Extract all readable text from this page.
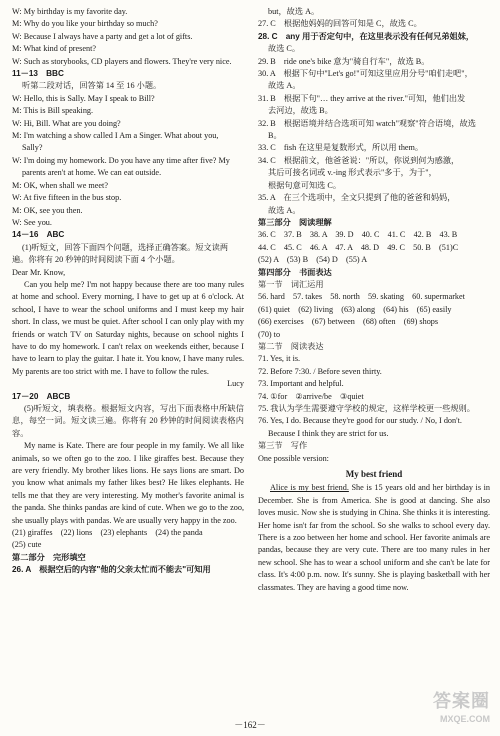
W: My birthday is my favorite day.
M: Why do you like your birthday so much?
W: Because I always have a party and get a lot of gifts.
M: What kind of present?
W: Such as storybooks, CD players and flowers. They're very nice.
11－13　BBC
听第二段对话，回答第 14 至 16 小题。
W: Hello, this is Sally. May I speak to Bill?
M: This is Bill speaking.
W: Hi, Bill. What are you doing?
M: I'm watching a show called I Am a Singer. What about you,
Sally?
W: I'm doing my homework. Do you have any time after five? My
parents aren't at home. We can eat outside.
M: OK, when shall we meet?
W: At five fifteen in the bus stop.
M: OK, see you then.
W: See you.
14－16　ABC
(1)听短文，回答下面四个问题，选择正确答案。短文读两
遍。你将有 20 秒钟的时间阅读下面 4 个小题。
Dear Mr. Know,
Can you help me? I'm not happy because there are too many rules at home and school. Every morning, I have to get up at 6 o'clock. At school, I have to wear the school uniforms and I must keep my hair short. In class, we must be quiet. After school I can only play with my friends or watch TV on Saturday nights, because on school nights I have to do my homework. I can't relax on weekends either, because I have to learn to play the guitar. I hate it. You know, I have many rules. My parents are too strict with me. I have to follow the rules.
Lucy
17－20　ABCB
(5)听短文，填表格。根据短文内容，写出下面表格中所缺信息，每空一词。短文读三遍。你将有 20 秒钟的时间阅读表格内容。
My name is Kate. There are four people in my family. We all like animals, so we often go to the zoo. I like giraffes best. Because they are very friendly. My brother likes lions. He says lions are smart. Do you know what animals my father likes best? He likes elephants. He tells me that they are very interesting. My mother's favorite animal is the panda. She thinks pandas are kind of cute. When we go to the zoo, she usually plays with pandas. We are usually very happy in the zoo.
(21) giraffes　(22) lions　(23) elephants　(24) the panda
(25) cute
第二部分　完形填空
26. A　根据空后的内容"他的父亲太忙而不能去"可知用
but，故选 A。
27. C　根据他妈妈的回答可知是 C，故选 C。
28. C　any 用于否定句中，在这里表示没有任何兄弟姐妹，
故选 C。
29. B　ride one's bike 意为"骑自行车"，故选 B。
30. A　根据下句中"Let's go!"可知这里应用分号"咱们走吧"，
故选 A。
31. B　根据下句"… they arrive at the river."可知，他们出发
去河边，故选 B。
32. B　根据语境并结合选项可知 watch"观察"符合语境，故选
B。
33. C　fish 在这里是复数形式，所以用 them。
34. C　根据前文，他爸爸说："所以，你说到何为感激，
其后可接名词或 v.-ing 形式表示"多于，为于"，
根据句意可知选 C。
35. A　在三个选项中，全文只提到了他的爸爸和妈妈，
故选 A。
第三部分　阅读理解
36. C　37. B　38. A　39. D　40. C　41. C　42. B　43. B
44. C　45. C　46. A　47. A　48. D　49. C　50. B　(51)C
(52) A　(53) B　(54) D　(55) A
第四部分　书面表达
第一节　词汇运用
56. hard　57. takes　58. north　59. skating　60. supermarket
(61) quiet　(62) living　(63) along　(64) his　(65) easily
(66) exercises　(67) between　(68) often　(69) shops
(70) to
第二节　阅读表达
71. Yes, it is.
72. Before 7:30. / Before seven thirty.
73. Important and helpful.
74. ①for　②arrive/be　③quiet
75. 我认为学生需要遵守学校的规定，这样学校更一些规则。
76. Yes, I do. Because they're good for our study. / No, I don't.
Because I think they are strict for us.
第三节　写作
One possible version:
My best friend
Alice is my best friend. She is 15 years old and her birthday is in December. She is from America. She is good at dancing. She also loves music. Now she is studying in China. She thinks it is interesting. Her home isn't far from the school. So she walks to school every day. There is a zoo between her home and school. Her favorite animals are pandas, because they are very cute. There are too many rules in her new school. She has to wear a school uniform and she can't be late for class. It's 4:00 p.m. now. It's sunny. She is playing basketball with her classmates. They are having a good time now.
－162－
答案圈
MXQE.COM
